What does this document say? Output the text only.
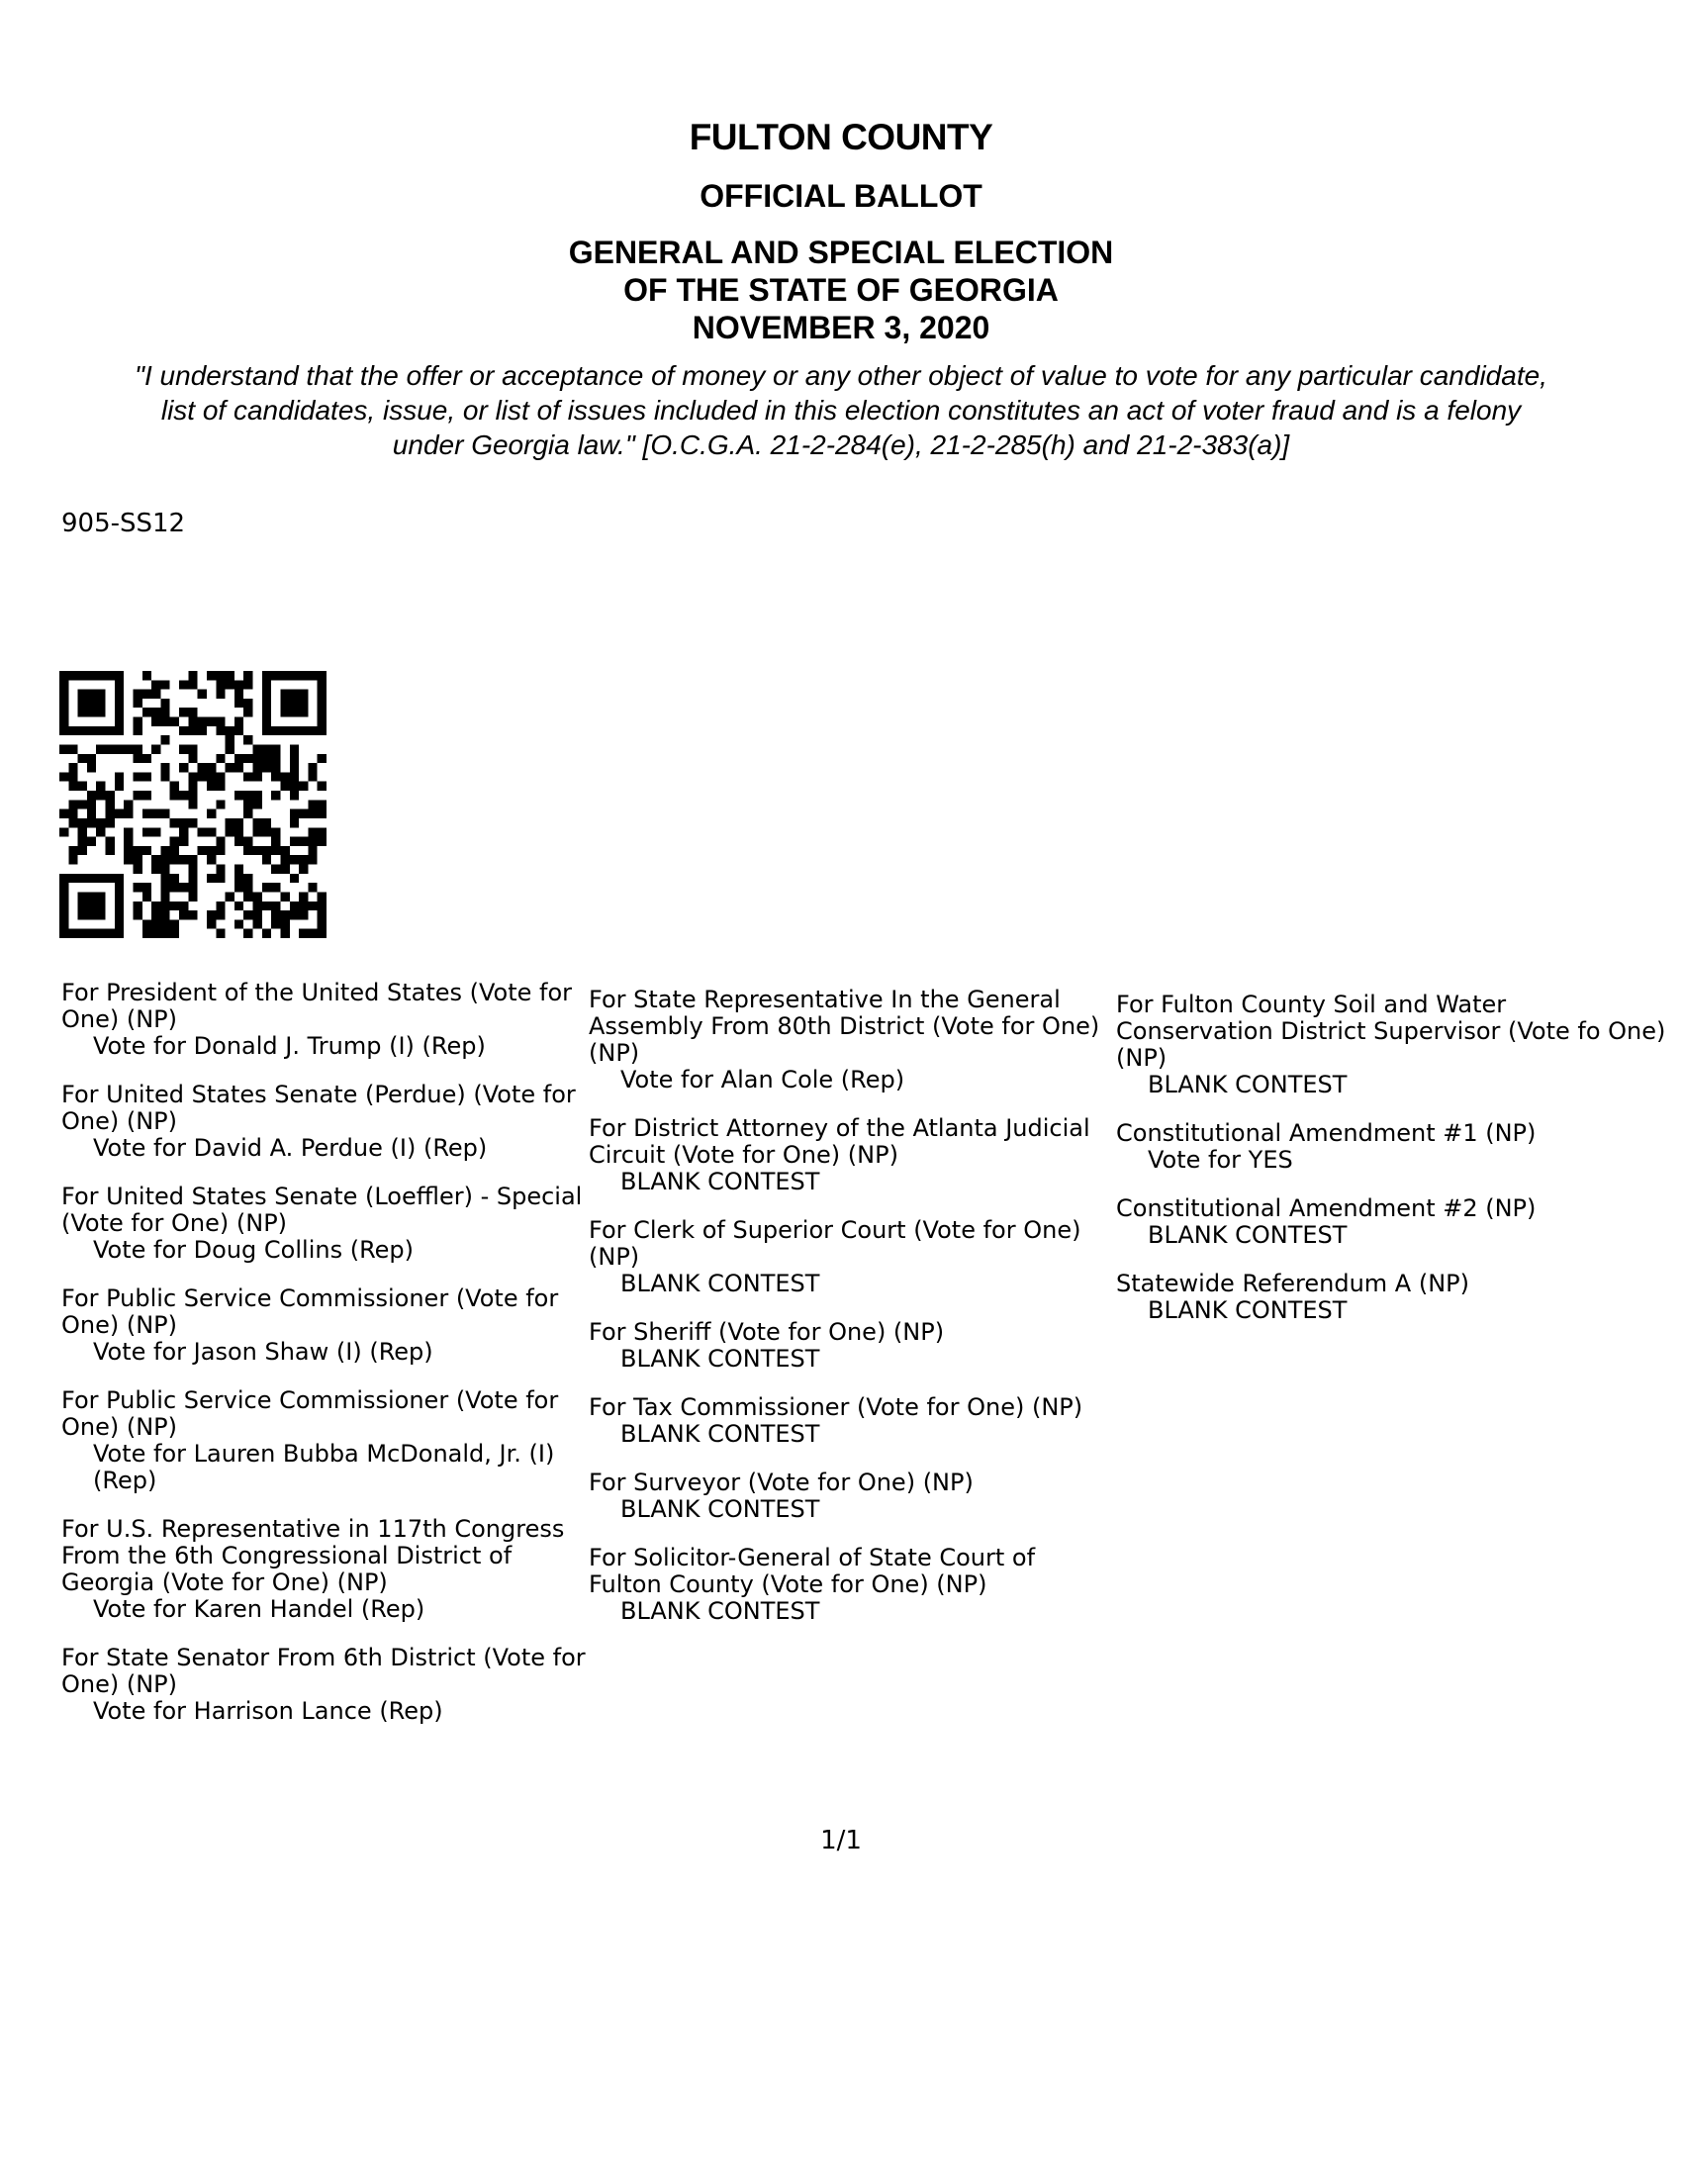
FULTON COUNTY
OFFICIAL BALLOT
GENERAL AND SPECIAL ELECTION
OF THE STATE OF GEORGIA
NOVEMBER 3, 2020
"I understand that the offer or acceptance of money or any other object of value to vote for any particular candidate,
list of candidates, issue, or list of issues included in this election constitutes an act of voter fraud and is a felony
under Georgia law." [O.C.G.A. 21-2-284(e), 21-2-285(h) and 21-2-383(a)]
905-SS12
For President of the United States (Vote for One) (NP)
Vote for Donald J. Trump (I) (Rep)
For United States Senate (Perdue) (Vote for One) (NP)
Vote for David A. Perdue (I) (Rep)
For United States Senate (Loeffler) - Special (Vote for One) (NP)
Vote for Doug Collins (Rep)
For Public Service Commissioner (Vote for One) (NP)
Vote for Jason Shaw (I) (Rep)
For Public Service Commissioner (Vote for One) (NP)
Vote for Lauren Bubba McDonald, Jr. (I) (Rep)
For U.S. Representative in 117th Congress From the 6th Congressional District of Georgia (Vote for One) (NP)
Vote for Karen Handel (Rep)
For State Senator From 6th District (Vote for One) (NP)
Vote for Harrison Lance (Rep)
For State Representative In the General Assembly From 80th District (Vote for One) (NP)
Vote for Alan Cole (Rep)
For District Attorney of the Atlanta Judicial Circuit (Vote for One) (NP)
BLANK CONTEST
For Clerk of Superior Court (Vote for One) (NP)
BLANK CONTEST
For Sheriff (Vote for One) (NP)
BLANK CONTEST
For Tax Commissioner (Vote for One) (NP)
BLANK CONTEST
For Surveyor (Vote for One) (NP)
BLANK CONTEST
For Solicitor-General of State Court of Fulton County (Vote for One) (NP)
BLANK CONTEST
For Fulton County Soil and Water Conservation District Supervisor (Vote fo One) (NP)
BLANK CONTEST
Constitutional Amendment #1 (NP)
Vote for YES
Constitutional Amendment #2 (NP)
BLANK CONTEST
Statewide Referendum A (NP)
BLANK CONTEST
1/1
